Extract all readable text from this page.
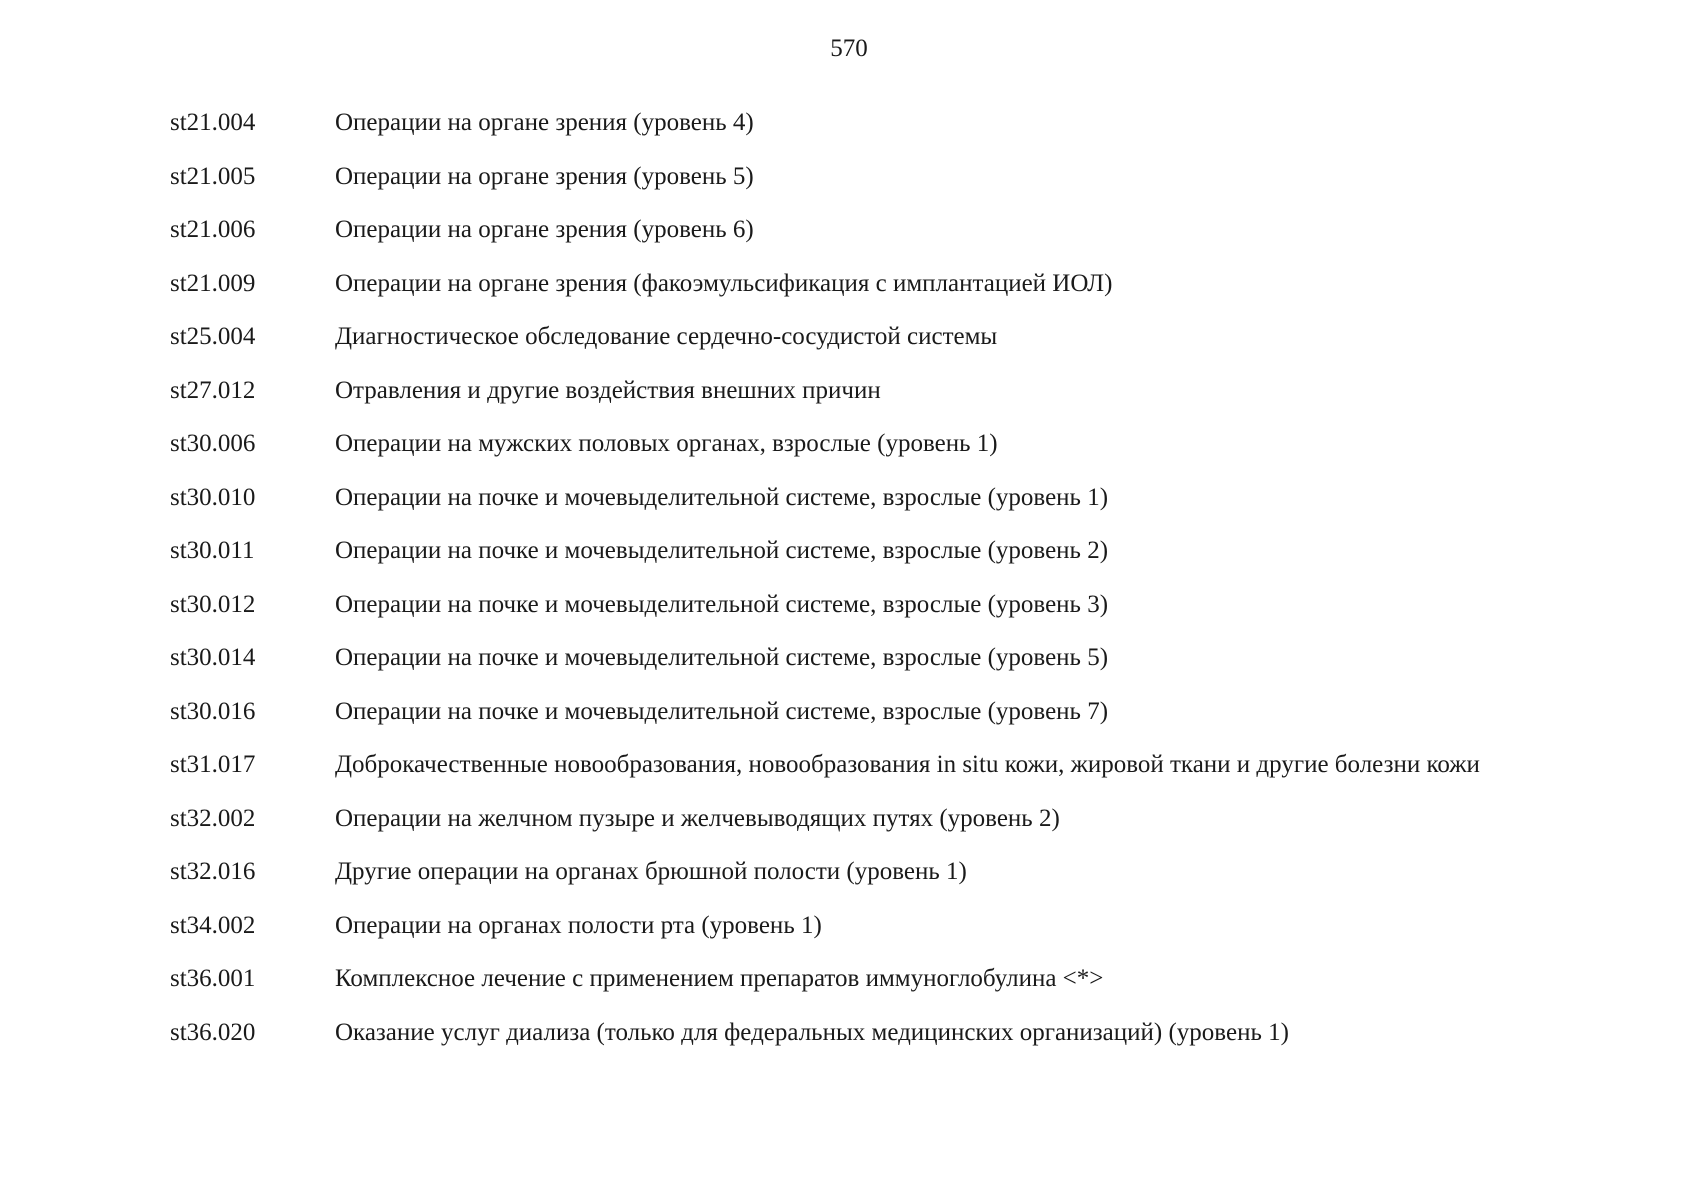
570
st21.004	Операции на органе зрения (уровень 4)
st21.005	Операции на органе зрения (уровень 5)
st21.006	Операции на органе зрения (уровень 6)
st21.009	Операции на органе зрения (факоэмульсификация с имплантацией ИОЛ)
st25.004	Диагностическое обследование сердечно-сосудистой системы
st27.012	Отравления и другие воздействия внешних причин
st30.006	Операции на мужских половых органах, взрослые (уровень 1)
st30.010	Операции на почке и мочевыделительной системе, взрослые (уровень 1)
st30.011	Операции на почке и мочевыделительной системе, взрослые (уровень 2)
st30.012	Операции на почке и мочевыделительной системе, взрослые (уровень 3)
st30.014	Операции на почке и мочевыделительной системе, взрослые (уровень 5)
st30.016	Операции на почке и мочевыделительной системе, взрослые (уровень 7)
st31.017	Доброкачественные новообразования, новообразования in situ кожи, жировой ткани и другие болезни кожи
st32.002	Операции на желчном пузыре и желчевыводящих путях (уровень 2)
st32.016	Другие операции на органах брюшной полости (уровень 1)
st34.002	Операции на органах полости рта (уровень 1)
st36.001	Комплексное лечение с применением препаратов иммуноглобулина <*>
st36.020	Оказание услуг диализа (только для федеральных медицинских организаций) (уровень 1)
